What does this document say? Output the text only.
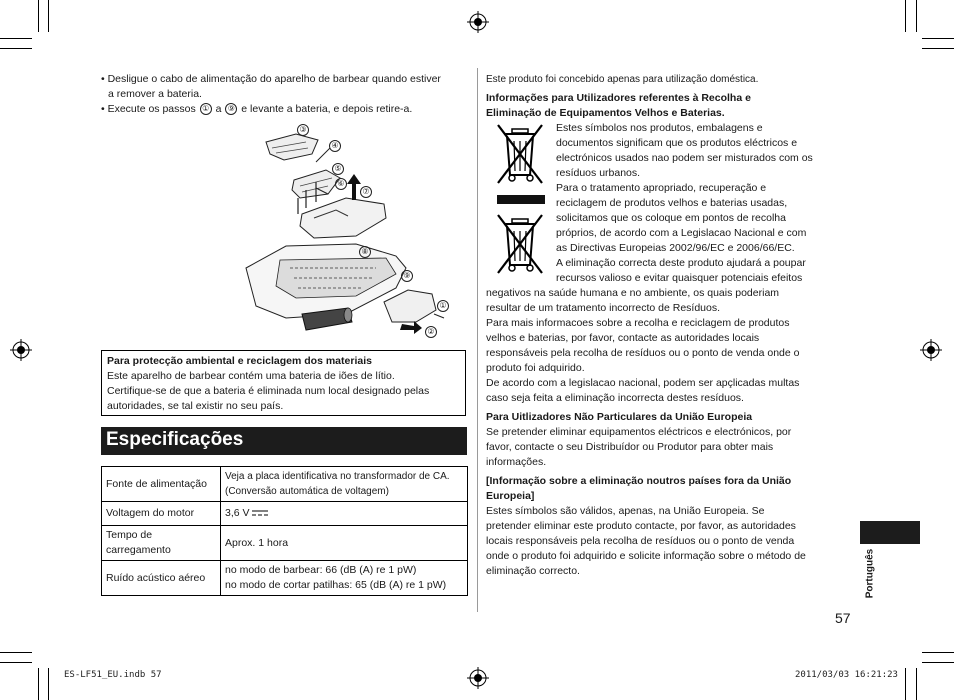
• Desligue o cabo de alimentação do aparelho de barbear quando estiver
a remover a bateria.
• Execute os passos ① a ⑨ e levante a bateria, e depois retire-a.
③
④
⑤
⑥
⑦
⑧
⑨
①
②
Para protecção ambiental e reciclagem dos materiais
Este aparelho de barbear contém uma bateria de iões de lítio.
Certifique-se de que a bateria é eliminada num local designado pelas
autoridades, se tal existir no seu país.
Especificações
Fonte de alimentação	Veja a placa identificativa no transformador de CA.
(Conversão automática de voltagem)

Voltagem do motor	3,6 V

Tempo de
carregamento	Aprox. 1 hora
Ruído acústico aéreo	no modo de barbear: 66 (dB (A) re 1 pW)
no modo de cortar patilhas: 65 (dB (A) re 1 pW)
Este produto foi concebido apenas para utilização doméstica.
Informações para Utilizadores referentes à Recolha e
Eliminação de Equipamentos Velhos e Baterias.
Estes símbolos nos produtos, embalagens e
documentos significam que os produtos eléctricos e
electrónicos usados nao podem ser misturados com os
resíduos urbanos.
Para o tratamento apropriado, recuperação e
reciclagem de produtos velhos e baterias usadas,
solicitamos que os coloque em pontos de recolha
próprios, de acordo com a Legislacao Nacional e com
as Directivas Europeias 2002/96/EC e 2006/66/EC.
A eliminação correcta deste produto ajudará a poupar
recursos valioso e evitar quaisquer potenciais efeitos
negativos na saúde humana e no ambiente, os quais poderiam
resultar de um tratamento incorrecto de Resíduos.
Para mais informacoes sobre a recolha e reciclagem de produtos
velhos e baterias, por favor, contacte as autoridades locais
responsáveis pela recolha de resíduos ou o ponto de venda onde o
produto foi adquirido.
De acordo com a legislacao nacional, podem ser apçlicadas multas
caso seja feita a eliminação incorrecta destes resíduos.
Para Uitlizadores Não Particulares da União Europeia
Se pretender eliminar equipamentos eléctricos e electrónicos, por
favor, contacte o seu Distribuídor ou Produtor para obter mais
informações.
[Informação sobre a eliminação noutros países fora da União
Europeia]
Estes símbolos são válidos, apenas, na União Europeia. Se
pretender eliminar este produto contacte, por favor, as autoridades
locais responsáveis pela recolha de resíduos ou o ponto de venda
onde o produto foi adquirido e solicite informação sobre o método de
eliminação correcto.	Português
57
ES-LF51_EU.indb 57	2011/03/03 16:21:23
